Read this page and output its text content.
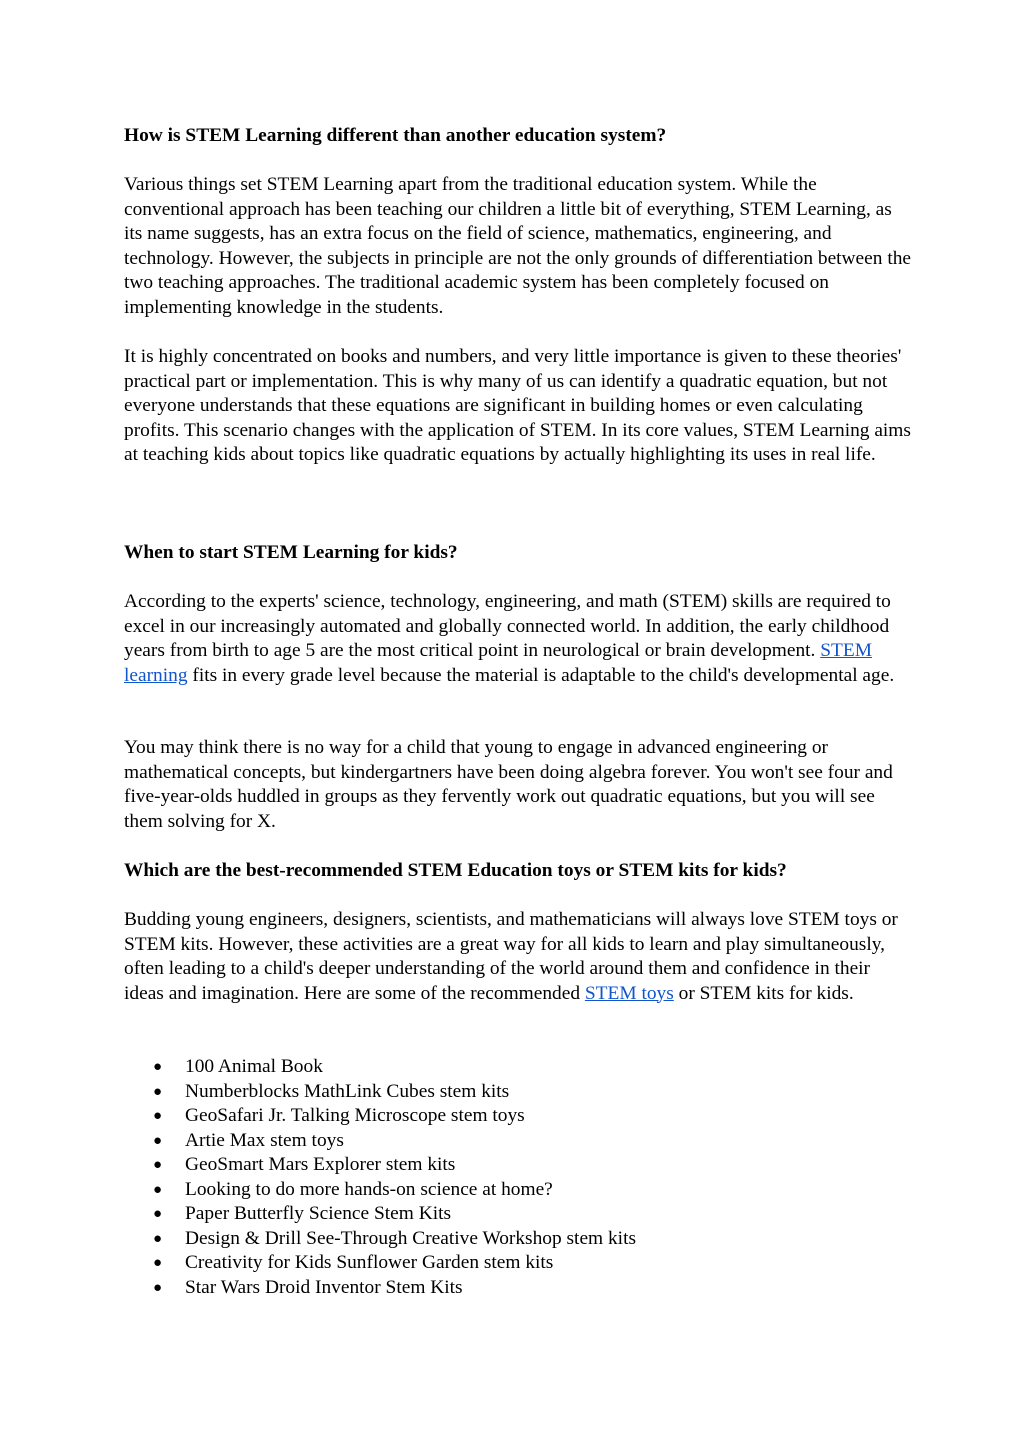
How is STEM Learning different than another education system?

Various things set STEM Learning apart from the traditional education system. While the conventional approach has been teaching our children a little bit of everything, STEM Learning, as its name suggests, has an extra focus on the field of science, mathematics, engineering, and technology. However, the subjects in principle are not the only grounds of differentiation between the two teaching approaches. The traditional academic system has been completely focused on implementing knowledge in the students.

It is highly concentrated on books and numbers, and very little importance is given to these theories' practical part or implementation. This is why many of us can identify a quadratic equation, but not everyone understands that these equations are significant in building homes or even calculating profits. This scenario changes with the application of STEM. In its core values, STEM Learning aims at teaching kids about topics like quadratic equations by actually highlighting its uses in real life.

When to start STEM Learning for kids?

According to the experts' science, technology, engineering, and math (STEM) skills are required to excel in our increasingly automated and globally connected world. In addition, the early childhood years from birth to age 5 are the most critical point in neurological or brain development. STEM learning fits in every grade level because the material is adaptable to the child's developmental age.

You may think there is no way for a child that young to engage in advanced engineering or mathematical concepts, but kindergartners have been doing algebra forever. You won't see four and five-year-olds huddled in groups as they fervently work out quadratic equations, but you will see them solving for X.

Which are the best-recommended STEM Education toys or STEM kits for kids?

Budding young engineers, designers, scientists, and mathematicians will always love STEM toys or STEM kits. However, these activities are a great way for all kids to learn and play simultaneously, often leading to a child's deeper understanding of the world around them and confidence in their ideas and imagination. Here are some of the recommended STEM toys or STEM kits for kids.

● 100 Animal Book
● Numberblocks MathLink Cubes stem kits
● GeoSafari Jr. Talking Microscope stem toys
● Artie Max stem toys
● GeoSmart Mars Explorer stem kits
● Looking to do more hands-on science at home?
● Paper Butterfly Science Stem Kits
● Design & Drill See-Through Creative Workshop stem kits
● Creativity for Kids Sunflower Garden stem kits
● Star Wars Droid Inventor Stem Kits
